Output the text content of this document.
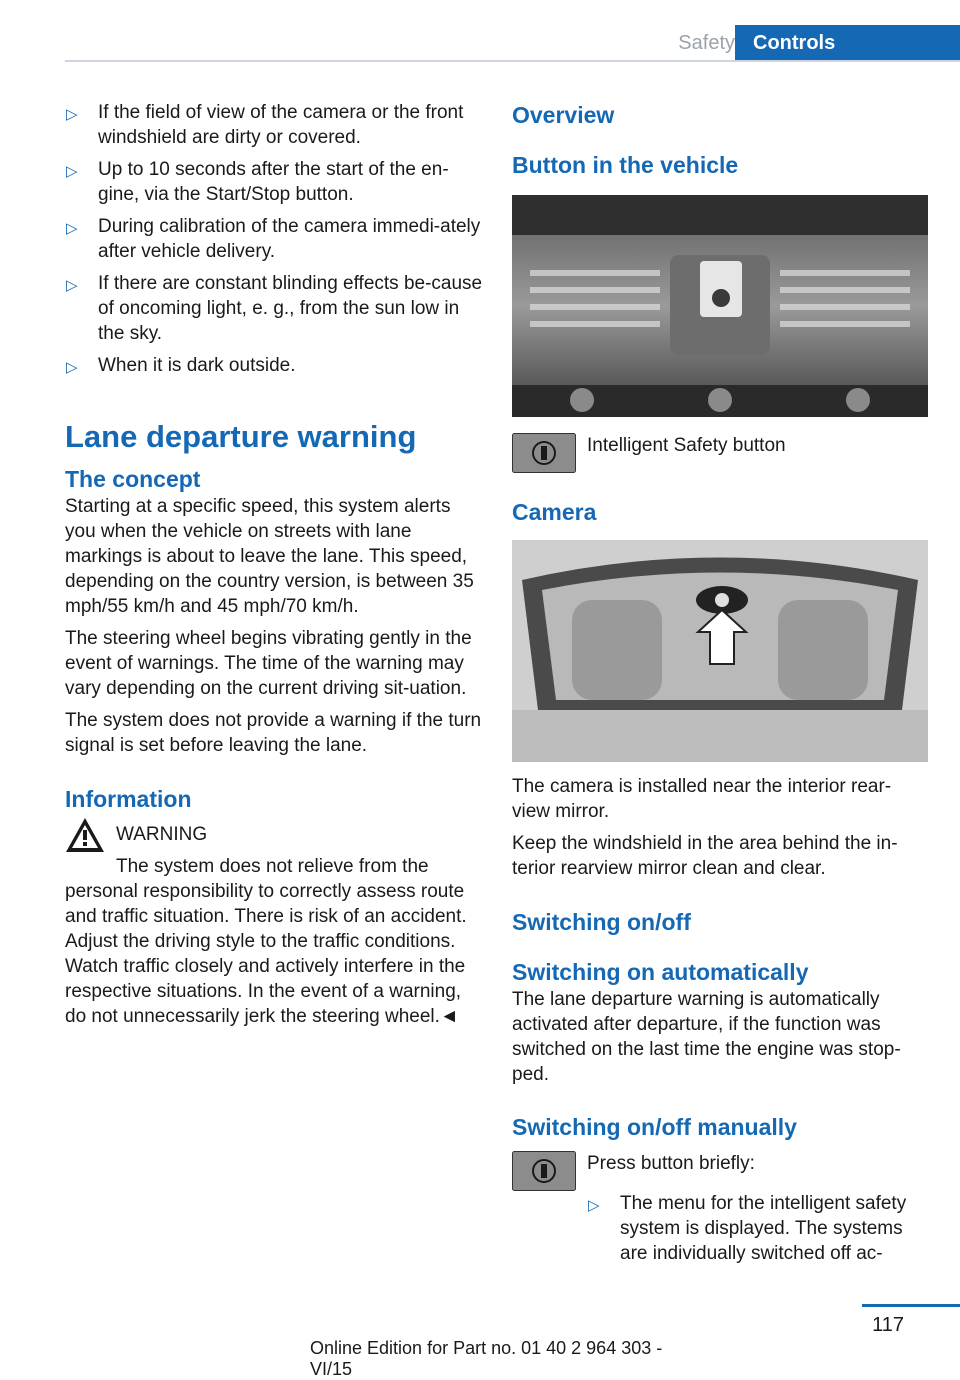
Safety Controls
▷ If the field of view of the camera or the front windshield are dirty or covered.
▷ Up to 10 seconds after the start of the en-gine, via the Start/Stop button.
▷ During calibration of the camera immedi-ately after vehicle delivery.
▷ If there are constant blinding effects be-cause of oncoming light, e. g., from the sun low in the sky.
▷ When it is dark outside.
Lane departure warning
The concept

Starting at a specific speed, this system alerts you when the vehicle on streets with lane markings is about to leave the lane. This speed, depending on the country version, is between 35 mph/55 km/h and 45 mph/70 km/h.

The steering wheel begins vibrating gently in the event of warnings. The time of the warning may vary depending on the current driving sit-uation.

The system does not provide a warning if the turn signal is set before leaving the lane.

Information

WARNING

The system does not relieve from the personal responsibility to correctly assess route and traffic situation. There is risk of an accident. Adjust the driving style to the traffic conditions. Watch traffic closely and actively interfere in the respective situations. In the event of a warning, do not unnecessarily jerk the steering wheel.◄

Overview
Button in the vehicle
Intelligent Safety button
Camera

The camera is installed near the interior rear-view mirror.

Keep the windshield in the area behind the in-terior rearview mirror clean and clear.

Switching on/off
Switching on automatically

The lane departure warning is automatically activated after departure, if the function was switched on the last time the engine was stop-ped.

Switching on/off manually
Press button briefly:
▷ The menu for the intelligent safety system is displayed. The systems are individually switched off ac-
117
Online Edition for Part no. 01 40 2 964 303 - VI/15
